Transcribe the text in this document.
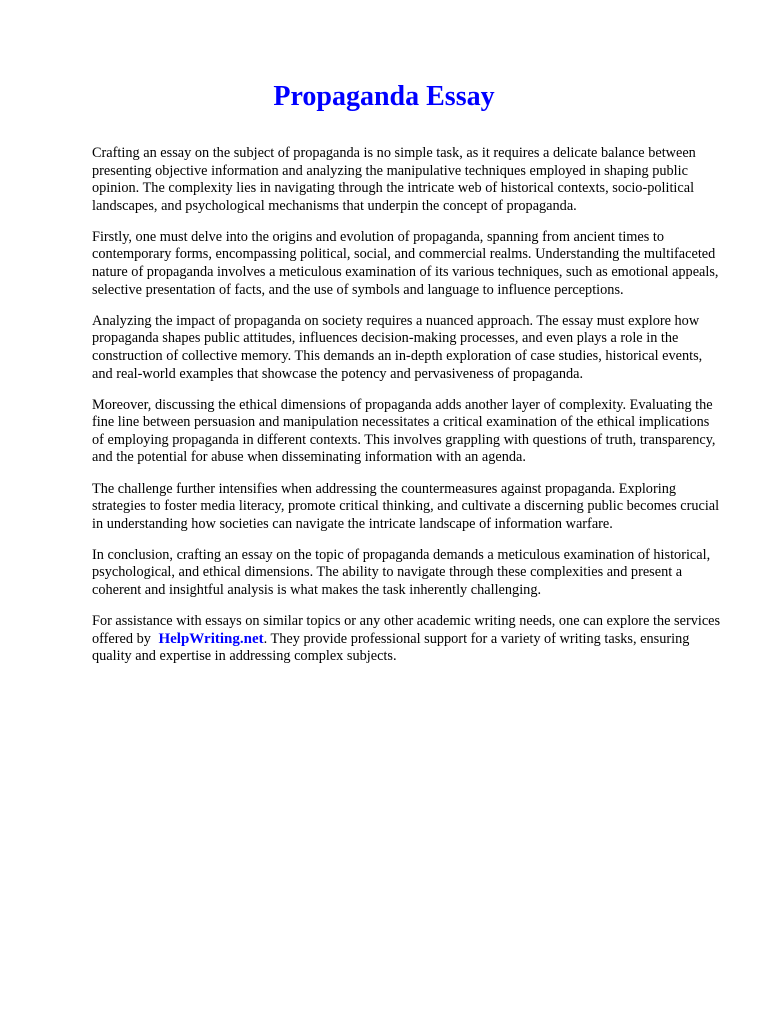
Propaganda Essay

Crafting an essay on the subject of propaganda is no simple task, as it requires a delicate balance between presenting objective information and analyzing the manipulative techniques employed in shaping public opinion. The complexity lies in navigating through the intricate web of historical contexts, socio-political landscapes, and psychological mechanisms that underpin the concept of propaganda.

Firstly, one must delve into the origins and evolution of propaganda, spanning from ancient times to contemporary forms, encompassing political, social, and commercial realms. Understanding the multifaceted nature of propaganda involves a meticulous examination of its various techniques, such as emotional appeals, selective presentation of facts, and the use of symbols and language to influence perceptions.

Analyzing the impact of propaganda on society requires a nuanced approach. The essay must explore how propaganda shapes public attitudes, influences decision-making processes, and even plays a role in the construction of collective memory. This demands an in-depth exploration of case studies, historical events, and real-world examples that showcase the potency and pervasiveness of propaganda.

Moreover, discussing the ethical dimensions of propaganda adds another layer of complexity. Evaluating the fine line between persuasion and manipulation necessitates a critical examination of the ethical implications of employing propaganda in different contexts. This involves grappling with questions of truth, transparency, and the potential for abuse when disseminating information with an agenda.

The challenge further intensifies when addressing the countermeasures against propaganda. Exploring strategies to foster media literacy, promote critical thinking, and cultivate a discerning public becomes crucial in understanding how societies can navigate the intricate landscape of information warfare.

In conclusion, crafting an essay on the topic of propaganda demands a meticulous examination of historical, psychological, and ethical dimensions. The ability to navigate through these complexities and present a coherent and insightful analysis is what makes the task inherently challenging.

For assistance with essays on similar topics or any other academic writing needs, one can explore the services offered by HelpWriting.net. They provide professional support for a variety of writing tasks, ensuring quality and expertise in addressing complex subjects.
